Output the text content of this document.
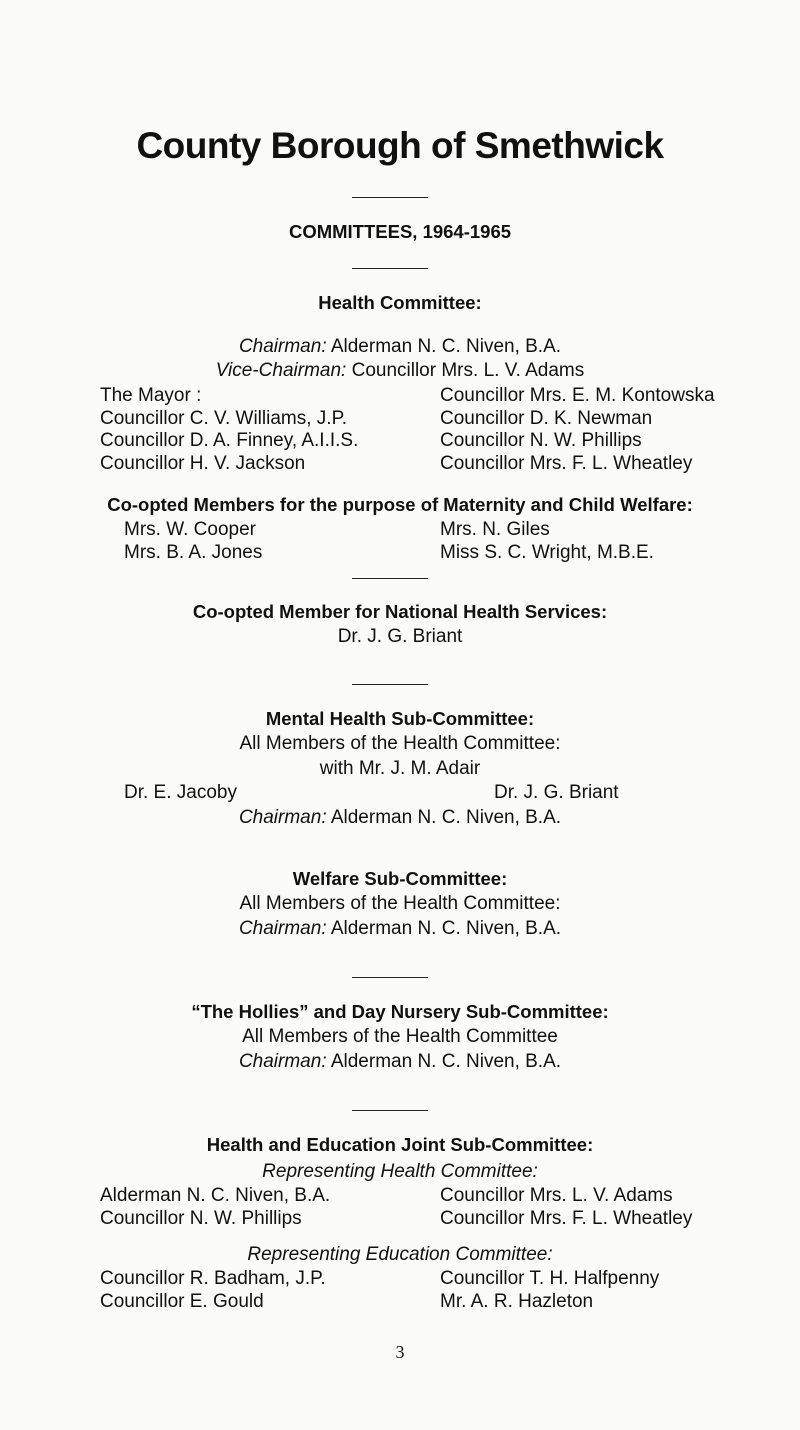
County Borough of Smethwick
COMMITTEES, 1964-1965
Health Committee:
Chairman: Alderman N. C. Niven, B.A.
Vice-Chairman: Councillor Mrs. L. V. Adams
The Mayor :
Councillor C. V. Williams, J.P.
Councillor D. A. Finney, A.I.I.S.
Councillor H. V. Jackson
Councillor Mrs. E. M. Kontowska
Councillor D. K. Newman
Councillor N. W. Phillips
Councillor Mrs. F. L. Wheatley
Co-opted Members for the purpose of Maternity and Child Welfare:
Mrs. W. Cooper
Mrs. B. A. Jones
Mrs. N. Giles
Miss S. C. Wright, M.B.E.
Co-opted Member for National Health Services:
Dr. J. G. Briant
Mental Health Sub-Committee:
All Members of the Health Committee:
with Mr. J. M. Adair
Dr. E. Jacoby	Dr. J. G. Briant
Chairman: Alderman N. C. Niven, B.A.
Welfare Sub-Committee:
All Members of the Health Committee:
Chairman: Alderman N. C. Niven, B.A.
“The Hollies” and Day Nursery Sub-Committee:
All Members of the Health Committee
Chairman: Alderman N. C. Niven, B.A.
Health and Education Joint Sub-Committee:
Representing Health Committee:
Alderman N. C. Niven, B.A.
Councillor N. W. Phillips
Councillor Mrs. L. V. Adams
Councillor Mrs. F. L. Wheatley
Representing Education Committee:
Councillor R. Badham, J.P.
Councillor E. Gould
Councillor T. H. Halfpenny
Mr. A. R. Hazleton
3
